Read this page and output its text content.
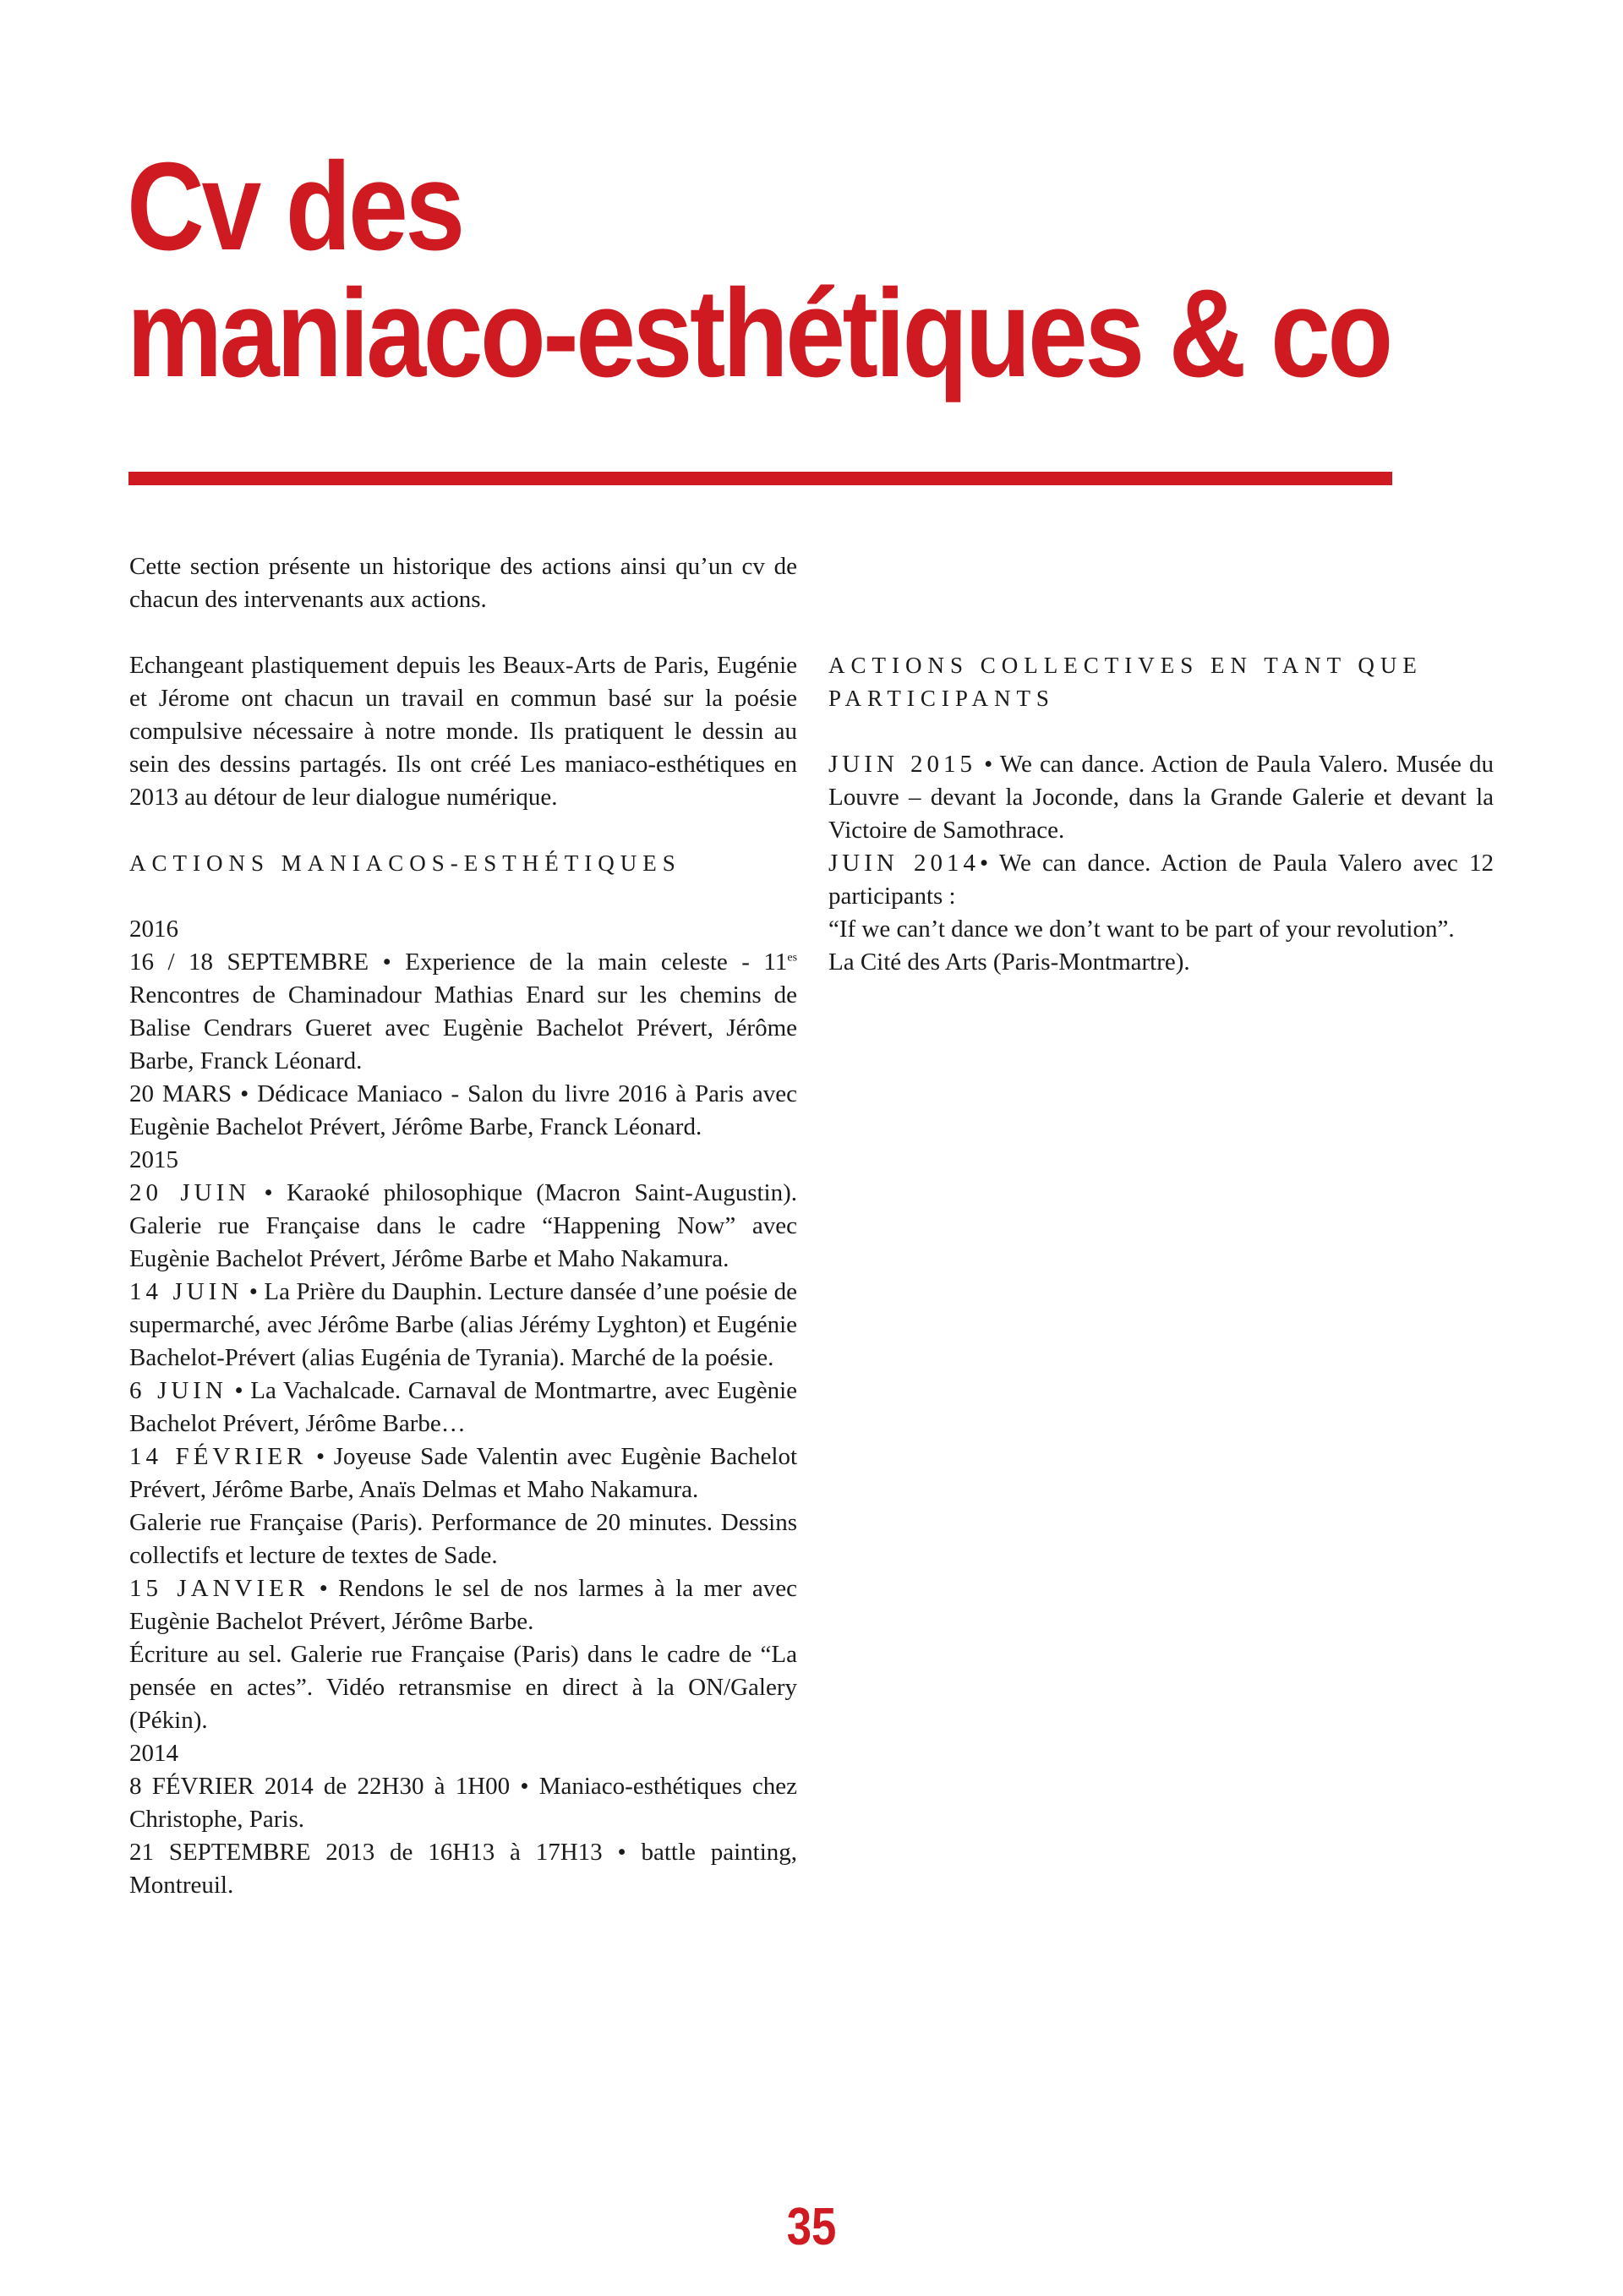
Cv des
maniaco-esthétiques & co

Cette section présente un historique des actions ainsi qu’un cv de chacun des intervenants aux actions.

Echangeant plastiquement depuis les Beaux-Arts de Paris, Eugénie et Jérome ont chacun un travail en commun basé sur la poésie compulsive nécessaire à notre monde. Ils pratiquent le dessin au sein des dessins partagés. Ils ont créé Les maniaco-esthétiques en 2013 au détour de leur dialogue numérique.

ACTIONS MANIACOS-ESTHÉTIQUES

2016

16 / 18 SEPTEMBRE • Experience de la main celeste - $11^{es}$ Rencontres de Chaminadour Mathias Enard sur les chemins de Balise Cendrars Gueret avec Eugènie Bachelot Prévert, Jérôme Barbe, Franck Léonard.

20 MARS • Dédicace Maniaco - Salon du livre 2016 à Paris avec Eugènie Bachelot Prévert, Jérôme Barbe, Franck Léonard.

2015

20 JUIN • Karaoké philosophique (Macron Saint-Augustin). Galerie rue Française dans le cadre “Happening Now” avec Eugènie Bachelot Prévert, Jérôme Barbe et Maho Nakamura.

14 JUIN • La Prière du Dauphin. Lecture dansée d’une poésie de supermarché, avec Jérôme Barbe (alias Jérémy Lyghton) et Eugénie Bachelot-Prévert (alias Eugénia de Tyrania). Marché de la poésie.

6 JUIN • La Vachalcade. Carnaval de Montmartre, avec Eugènie Bachelot Prévert, Jérôme Barbe…

14 FÉVRIER • Joyeuse Sade Valentin avec Eugènie Bachelot Prévert, Jérôme Barbe, Anaïs Delmas et Maho Nakamura.

Galerie rue Française (Paris). Performance de 20 minutes. Dessins collectifs et lecture de textes de Sade.

15 JANVIER • Rendons le sel de nos larmes à la mer avec Eugènie Bachelot Prévert, Jérôme Barbe.

Écriture au sel. Galerie rue Française (Paris) dans le cadre de “La pensée en actes”. Vidéo retransmise en direct à la ON/Galery (Pékin).

2014

8 FÉVRIER 2014 de 22H30 à 1H00 • Maniaco-esthétiques chez Christophe, Paris.

21 SEPTEMBRE 2013 de 16H13 à 17H13 • battle painting, Montreuil.

ACTIONS COLLECTIVES EN TANT QUE PARTICIPANTS

JUIN 2015 • We can dance. Action de Paula Valero. Musée du Louvre – devant la Joconde, dans la Grande Galerie et devant la Victoire de Samothrace.

JUIN 2014• We can dance. Action de Paula Valero avec 12 participants :

“If we can’t dance we don’t want to be part of your revolution”.

La Cité des Arts (Paris-Montmartre).

35
